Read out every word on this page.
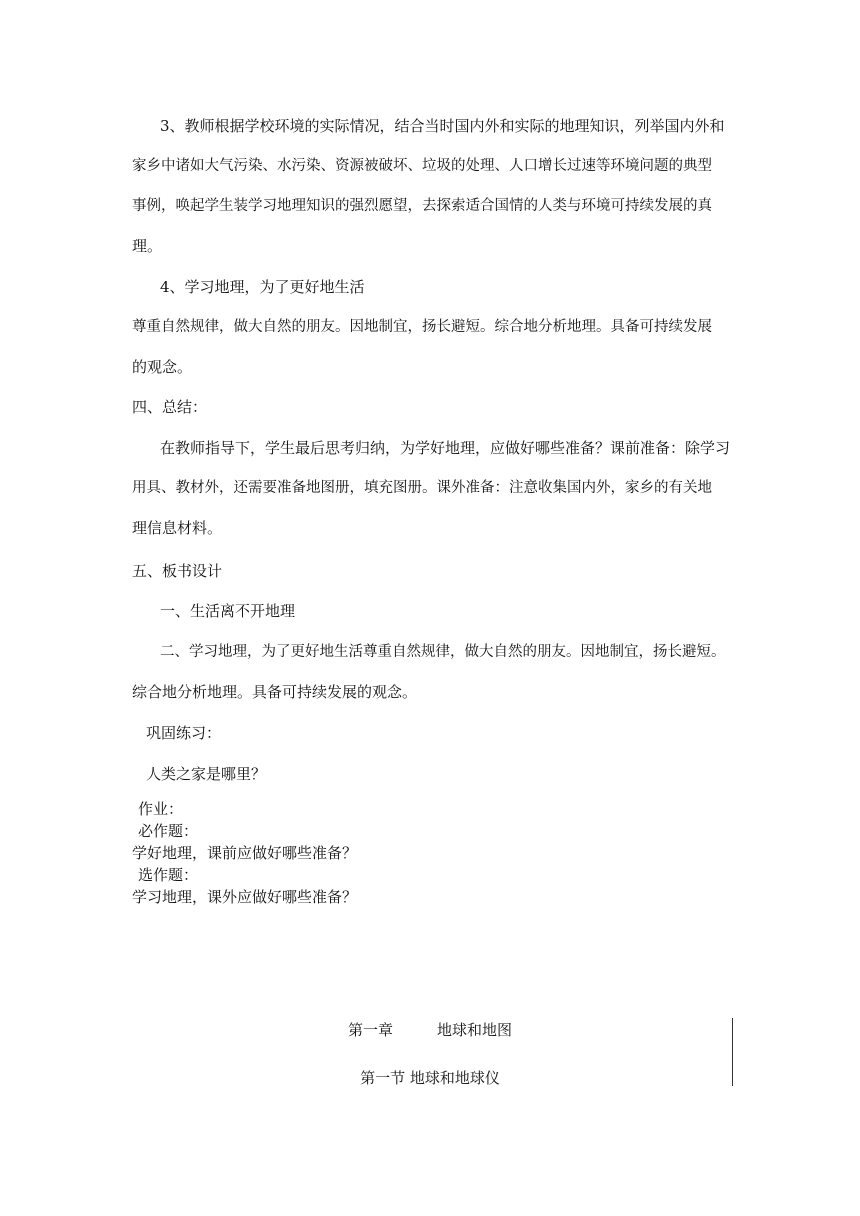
3、教师根据学校环境的实际情况，结合当时国内外和实际的地理知识，列举国内外和
家乡中诸如大气污染、水污染、资源被破坏、垃圾的处理、人口增长过速等环境问题的典型
事例，唤起学生装学习地理知识的强烈愿望，去探索适合国情的人类与环境可持续发展的真
理。
4、学习地理，为了更好地生活
尊重自然规律，做大自然的朋友。因地制宜，扬长避短。综合地分析地理。具备可持续发展
的观念。
四、总结：
在教师指导下，学生最后思考归纳，为学好地理，应做好哪些准备？课前准备：除学习
用具、教材外，还需要准备地图册，填充图册。课外准备：注意收集国内外，家乡的有关地
理信息材料。
五、板书设计
一、生活离不开地理
二、学习地理，为了更好地生活尊重自然规律，做大自然的朋友。因地制宜，扬长避短。
综合地分析地理。具备可持续发展的观念。
巩固练习：
人类之家是哪里？
作业：
必作题：
学好地理，课前应做好哪些准备？
选作题：
学习地理，课外应做好哪些准备？
第一章	地球和地图
第一节 地球和地球仪
